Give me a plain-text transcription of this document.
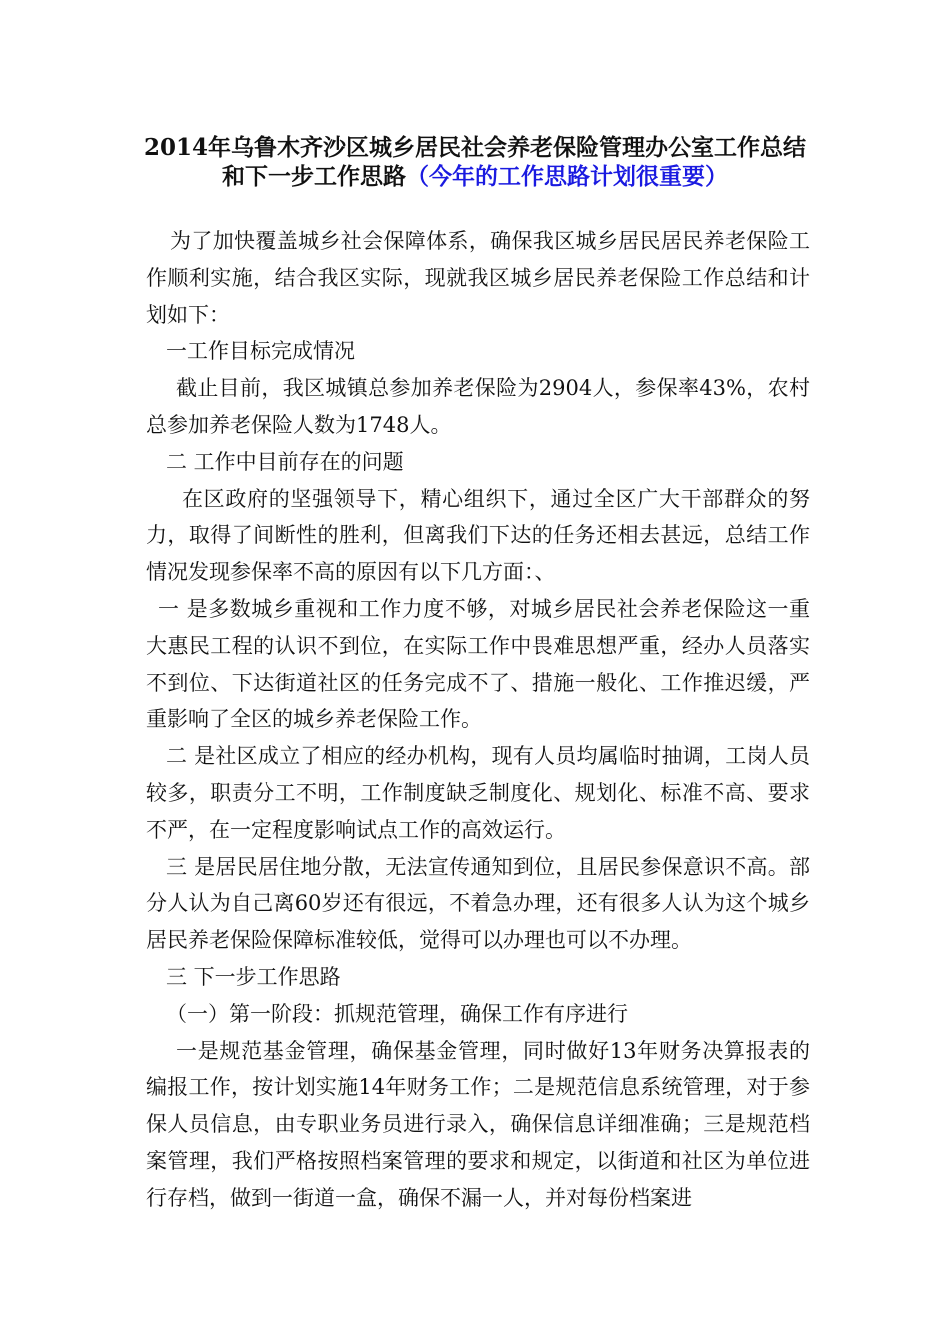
2014年乌鲁木齐沙区城乡居民社会养老保险管理办公室工作总结
和下一步工作思路（今年的工作思路计划很重要）

为了加快覆盖城乡社会保障体系，确保我区城乡居民居民养老保险工作顺利实施，结合我区实际，现就我区城乡居民养老保险工作总结和计划如下：

一工作目标完成情况

截止目前，我区城镇总参加养老保险为2904人，参保率43%，农村总参加养老保险人数为1748人。

二 工作中目前存在的问题

在区政府的坚强领导下，精心组织下，通过全区广大干部群众的努力，取得了间断性的胜利，但离我们下达的任务还相去甚远，总结工作情况发现参保率不高的原因有以下几方面：、

一 是多数城乡重视和工作力度不够，对城乡居民社会养老保险这一重大惠民工程的认识不到位，在实际工作中畏难思想严重，经办人员落实不到位、下达街道社区的任务完成不了、措施一般化、工作推迟缓，严重影响了全区的城乡养老保险工作。

二 是社区成立了相应的经办机构，现有人员均属临时抽调，工岗人员较多，职责分工不明，工作制度缺乏制度化、规划化、标准不高、要求不严，在一定程度影响试点工作的高效运行。

三 是居民居住地分散，无法宣传通知到位，且居民参保意识不高。部分人认为自己离60岁还有很远，不着急办理，还有很多人认为这个城乡居民养老保险保障标准较低，觉得可以办理也可以不办理。

三 下一步工作思路

（一）第一阶段：抓规范管理，确保工作有序进行

一是规范基金管理，确保基金管理，同时做好13年财务决算报表的编报工作，按计划实施14年财务工作；二是规范信息系统管理，对于参保人员信息，由专职业务员进行录入，确保信息详细准确；三是规范档案管理，我们严格按照档案管理的要求和规定，以街道和社区为单位进行存档，做到一街道一盒，确保不漏一人，并对每份档案进
